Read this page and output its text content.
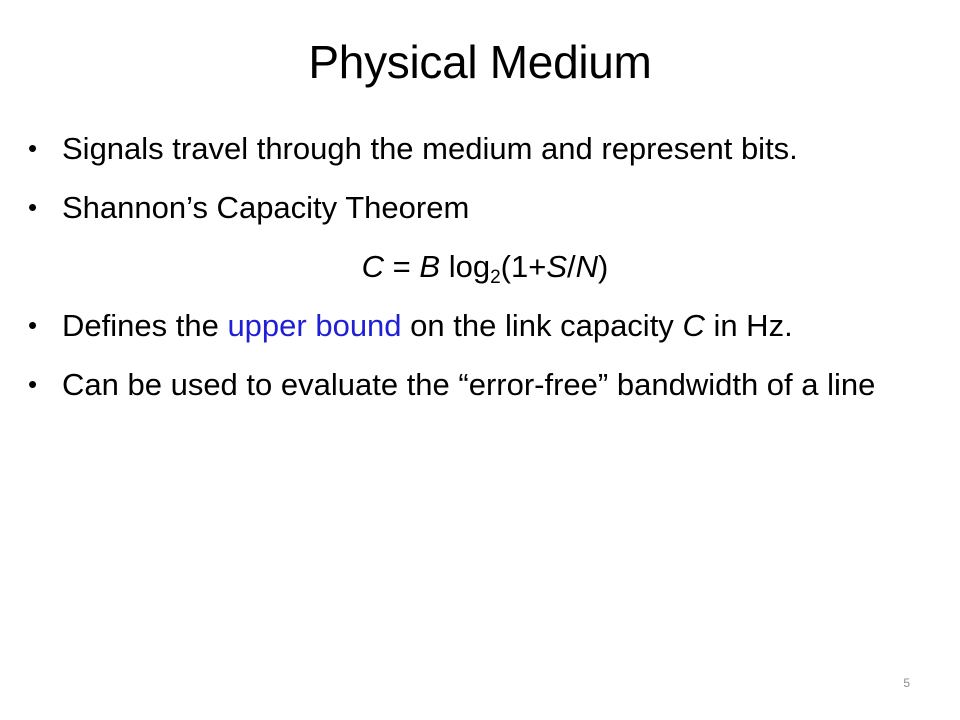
Physical Medium
• Signals travel through the medium and represent bits.
• Shannon’s Capacity Theorem
C = B $\log_2(1+S/N)$
• Defines the upper bound on the link capacity C in Hz.
• Can be used to evaluate the “error-free” bandwidth of a line
5
